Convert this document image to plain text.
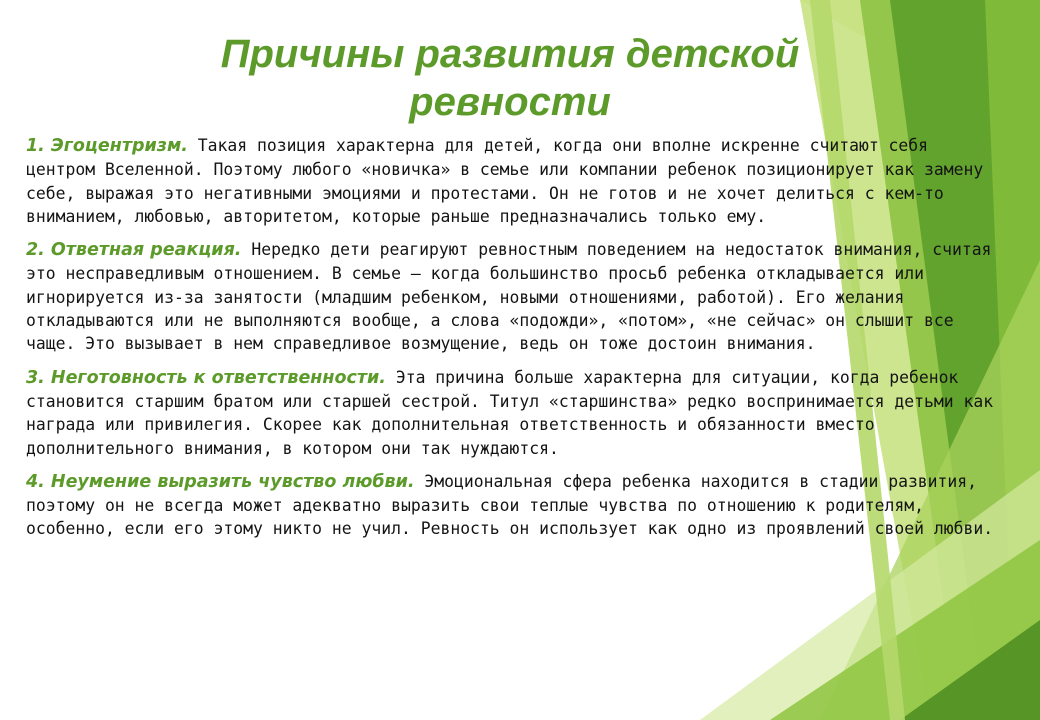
Причины развития детской ревности

1. Эгоцентризм. Такая позиция характерна для детей, когда они вполне искренне считают себя центром Вселенной. Поэтому любого «новичка» в семье или компании ребенок позиционирует как замену себе, выражая это негативными эмоциями и протестами. Он не готов и не хочет делиться с кем-то вниманием, любовью, авторитетом, которые раньше предназначались только ему.

2. Ответная реакция. Нередко дети реагируют ревностным поведением на недостаток внимания, считая это несправедливым отношением. В семье — когда большинство просьб ребенка откладывается или игнорируется из-за занятости (младшим ребенком, новыми отношениями, работой). Его желания откладываются или не выполняются вообще, а слова «подожди», «потом», «не сейчас» он слышит все чаще. Это вызывает в нем справедливое возмущение, ведь он тоже достоин внимания.

3. Неготовность к ответственности. Эта причина больше характерна для ситуации, когда ребенок становится старшим братом или старшей сестрой. Титул «старшинства» редко воспринимается детьми как награда или привилегия. Скорее как дополнительная ответственность и обязанности вместо дополнительного внимания, в котором они так нуждаются.

4. Неумение выразить чувство любви. Эмоциональная сфера ребенка находится в стадии развития, поэтому он не всегда может адекватно выразить свои теплые чувства по отношению к родителям, особенно, если его этому никто не учил. Ревность он использует как одно из проявлений своей любви.
